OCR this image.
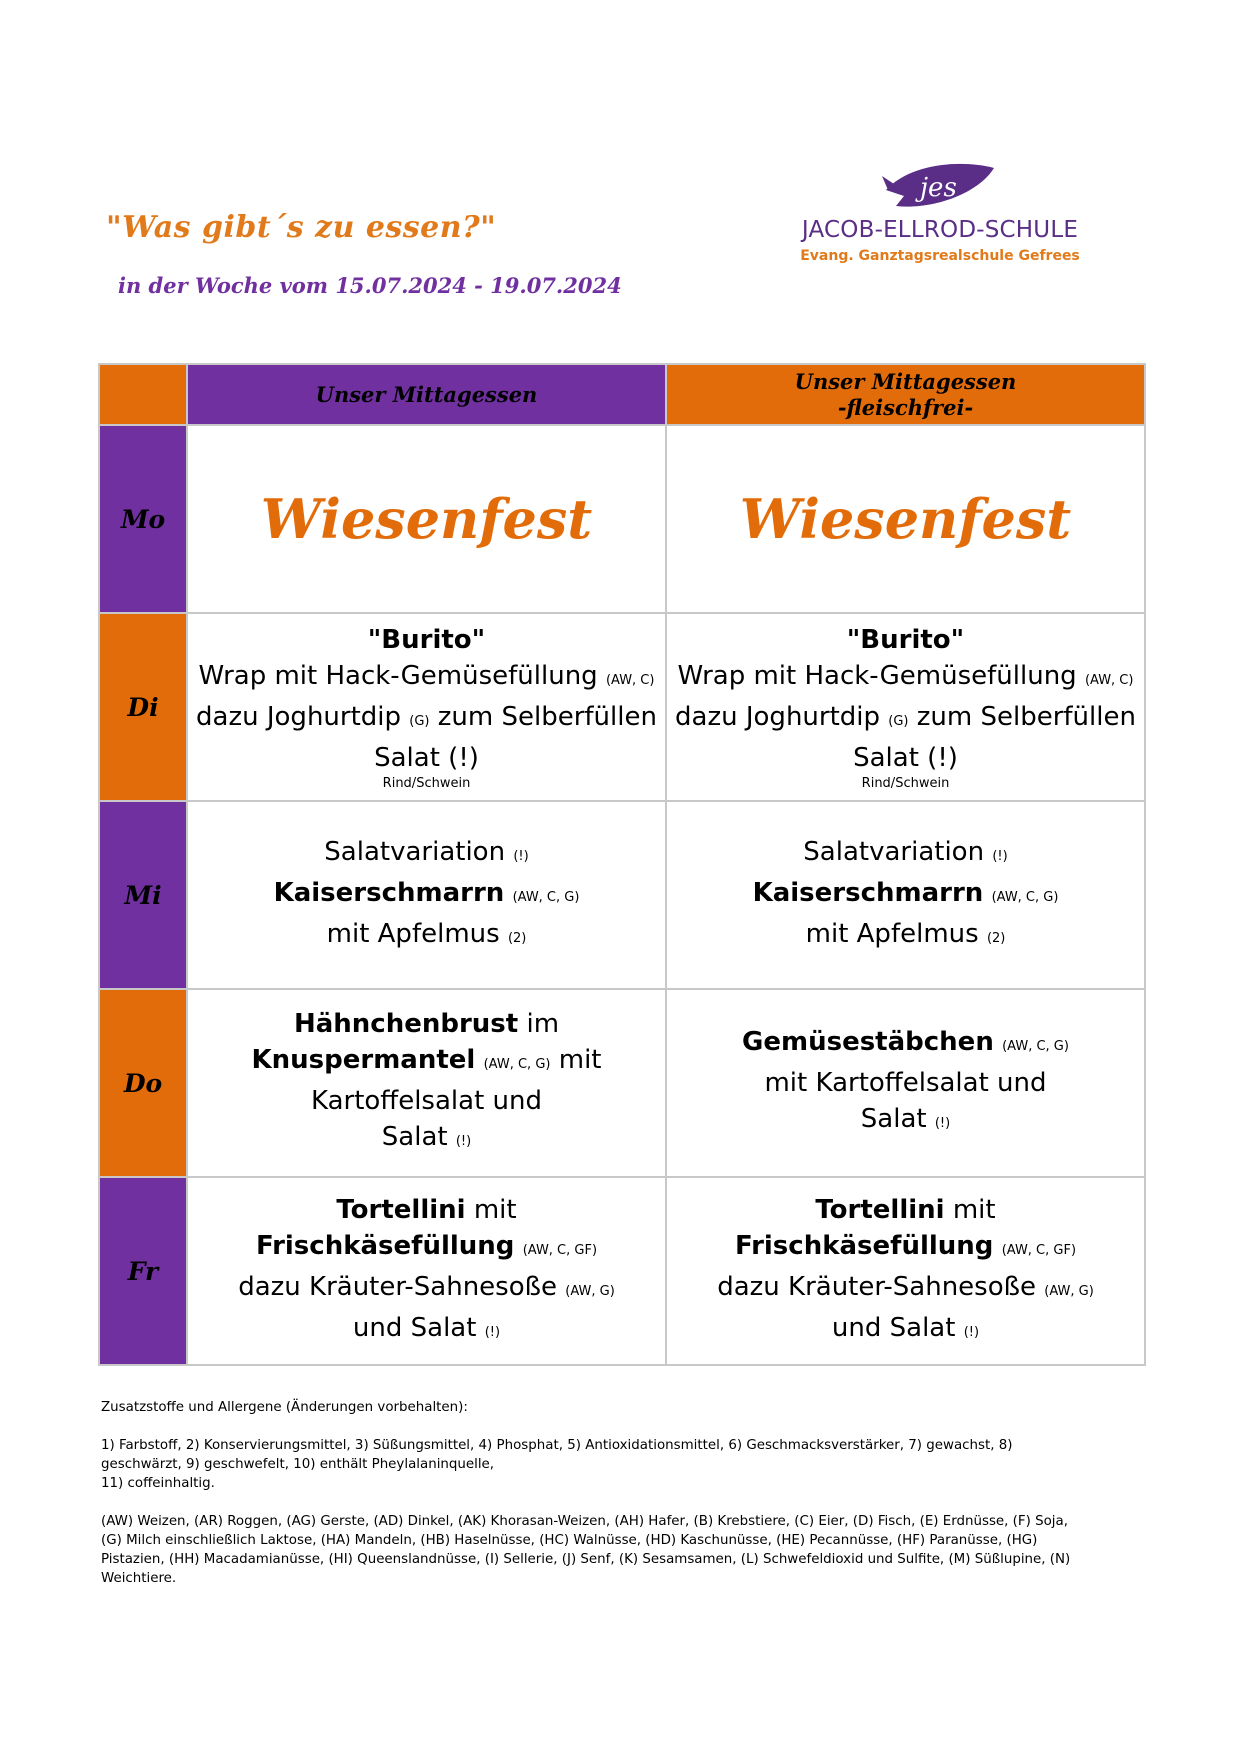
"Was gibt´s zu essen?"
in der Woche vom 15.07.2024 - 19.07.2024
jes
JACOB-ELLROD-SCHULE
Evang. Ganztagsrealschule Gefrees
	Unser Mittagessen	Unser Mittagessen
-fleischfrei-
Mo	Wiesenfest	Wiesenfest
Di	"Burito"
Wrap mit Hack-Gemüsefüllung (AW, C)
dazu Joghurtdip (G) zum Selberfüllen
Salat (!)
Rind/Schwein	"Burito"
Wrap mit Hack-Gemüsefüllung (AW, C)
dazu Joghurtdip (G) zum Selberfüllen
Salat (!)
Rind/Schwein

Mi	Salatvariation (!)
Kaiserschmarrn (AW, C, G)
mit Apfelmus (2)	Salatvariation (!)
Kaiserschmarrn (AW, C, G)
mit Apfelmus (2)
Do	Hähnchenbrust im
Knuspermantel (AW, C, G) mit
Kartoffelsalat und
Salat (!)	Gemüsestäbchen (AW, C, G)
mit Kartoffelsalat und
Salat (!)
Fr	Tortellini mit
Frischkäsefüllung (AW, C, GF)
dazu Kräuter-Sahnesoße (AW, G)
und Salat (!)	Tortellini mit
Frischkäsefüllung (AW, C, GF)
dazu Kräuter-Sahnesoße (AW, G)
und Salat (!)

Zusatzstoffe und Allergene (Änderungen vorbehalten):

1) Farbstoff, 2) Konservierungsmittel, 3) Süßungsmittel, 4) Phosphat, 5) Antioxidationsmittel, 6) Geschmacksverstärker, 7) gewachst, 8) geschwärzt, 9) geschwefelt, 10) enthält Pheylalaninquelle,

11) coffeinhaltig.

(AW) Weizen, (AR) Roggen, (AG) Gerste, (AD) Dinkel, (AK) Khorasan-Weizen, (AH) Hafer, (B) Krebstiere, (C) Eier, (D) Fisch, (E) Erdnüsse, (F) Soja, (G) Milch einschließlich Laktose, (HA) Mandeln, (HB) Haselnüsse, (HC) Walnüsse, (HD) Kaschunüsse, (HE) Pecannüsse, (HF) Paranüsse, (HG) Pistazien, (HH) Macadamianüsse, (HI) Queenslandnüsse, (I) Sellerie, (J) Senf, (K) Sesamsamen, (L) Schwefeldioxid und Sulfite, (M) Süßlupine, (N) Weichtiere.
